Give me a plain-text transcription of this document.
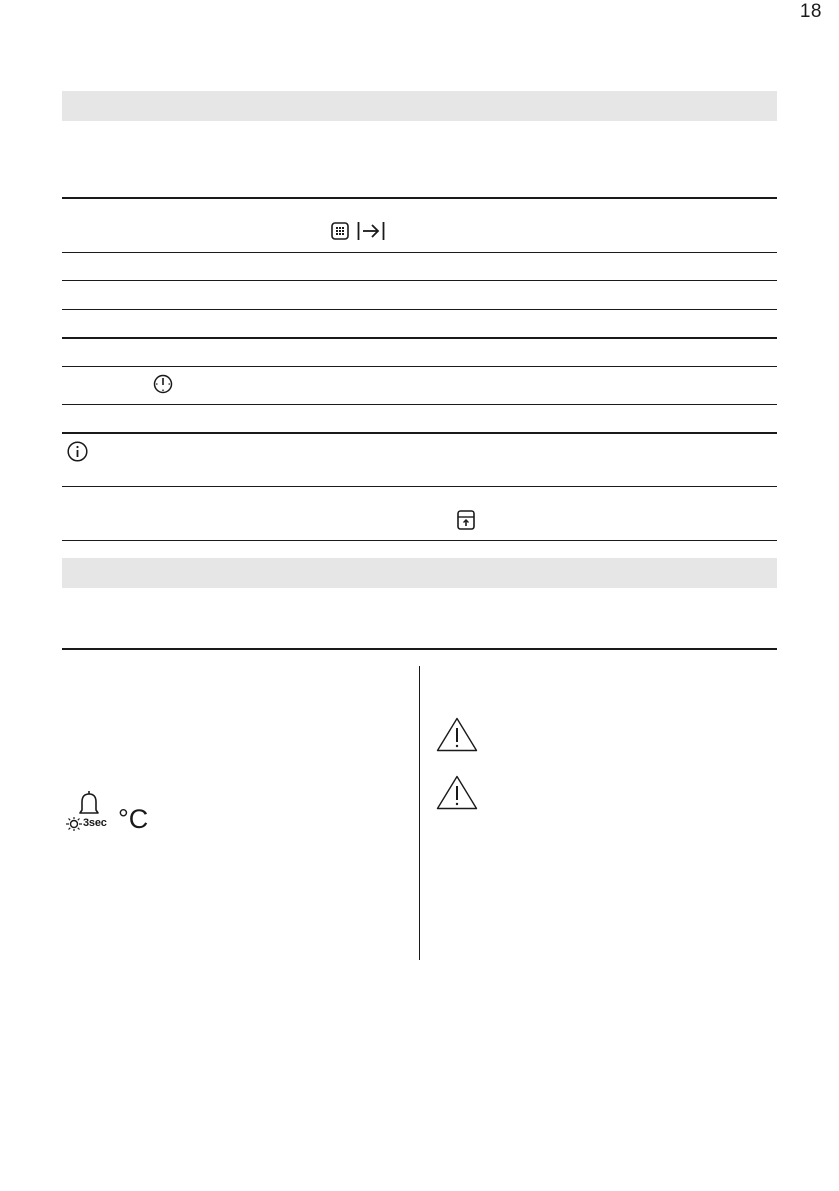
18
3sec °C
